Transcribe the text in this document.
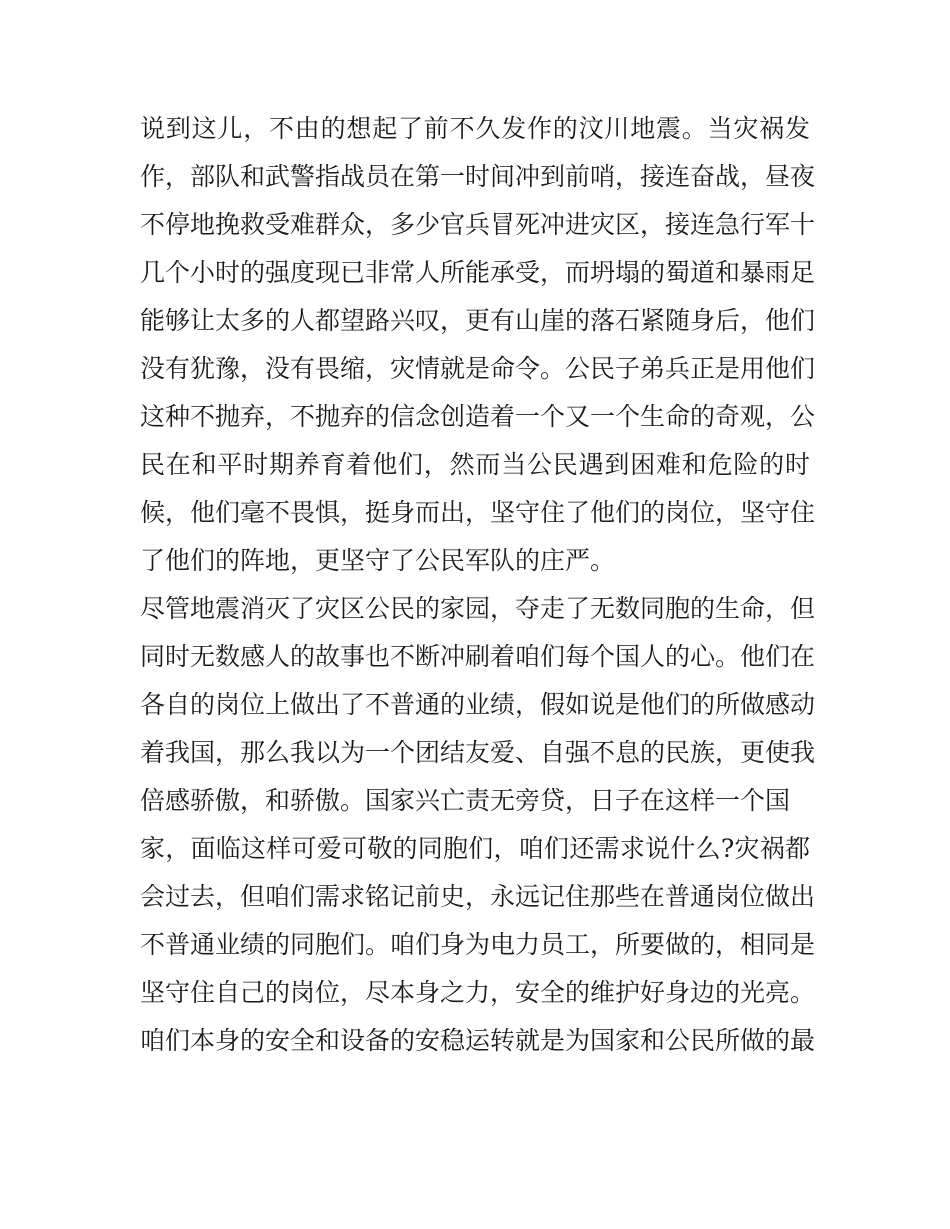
说到这儿，不由的想起了前不久发作的汶川地震。当灾祸发
作，部队和武警指战员在第一时间冲到前哨，接连奋战，昼夜
不停地挽救受难群众，多少官兵冒死冲进灾区，接连急行军十
几个小时的强度现已非常人所能承受，而坍塌的蜀道和暴雨足
能够让太多的人都望路兴叹，更有山崖的落石紧随身后，他们
没有犹豫，没有畏缩，灾情就是命令。公民子弟兵正是用他们
这种不抛弃，不抛弃的信念创造着一个又一个生命的奇观，公
民在和平时期养育着他们，然而当公民遇到困难和危险的时
候，他们毫不畏惧，挺身而出，坚守住了他们的岗位，坚守住
了他们的阵地，更坚守了公民军队的庄严。
尽管地震消灭了灾区公民的家园，夺走了无数同胞的生命，但
同时无数感人的故事也不断冲刷着咱们每个国人的心。他们在
各自的岗位上做出了不普通的业绩，假如说是他们的所做感动
着我国，那么我以为一个团结友爱、自强不息的民族，更使我
倍感骄傲，和骄傲。国家兴亡责无旁贷，日子在这样一个国
家，面临这样可爱可敬的同胞们，咱们还需求说什么?灾祸都
会过去，但咱们需求铭记前史，永远记住那些在普通岗位做出
不普通业绩的同胞们。咱们身为电力员工，所要做的，相同是
坚守住自己的岗位，尽本身之力，安全的维护好身边的光亮。
咱们本身的安全和设备的安稳运转就是为国家和公民所做的最
